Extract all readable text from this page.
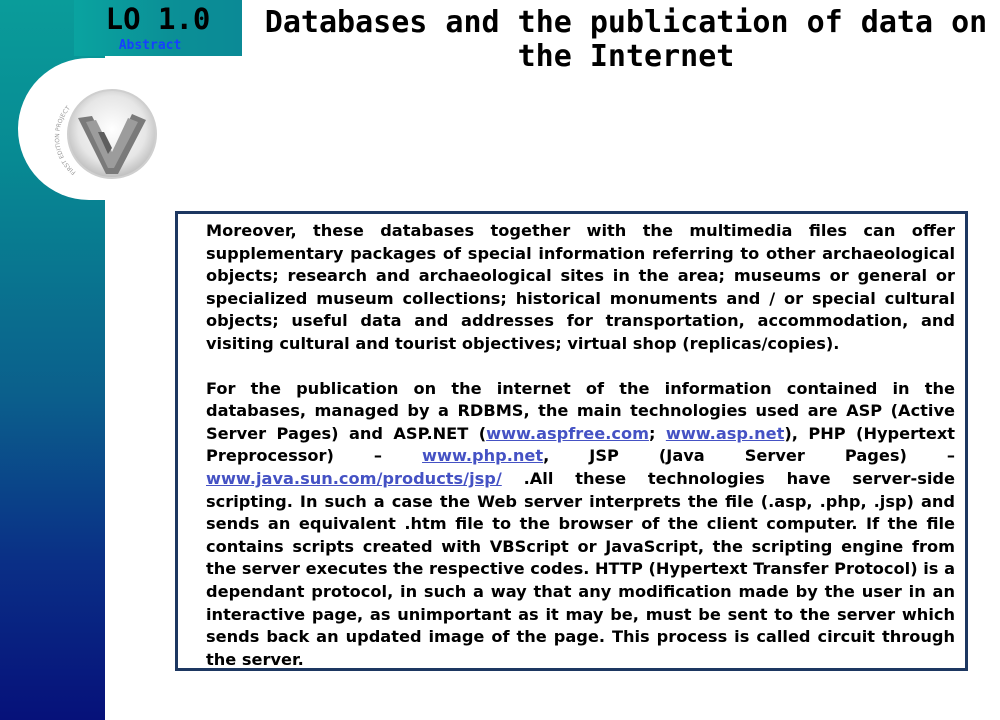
LO 1.0
Abstract
FIRST EDITION PROJECT
Databases and the publication of data on the Internet

Moreover, these databases together with the multimedia files can offer supplementary packages of special information referring to other archaeological objects; research and archaeological sites in the area; museums or general or specialized museum collections; historical monuments and / or special cultural objects; useful data and addresses for transportation, accommodation, and visiting cultural and tourist objectives; virtual shop (replicas/copies).

For the publication on the internet of the information contained in the databases, managed by a RDBMS, the main technologies used are ASP (Active Server Pages) and ASP.NET (www.aspfree.com; www.asp.net), PHP (Hypertext Preprocessor) – www.php.net, JSP (Java Server Pages) – www.java.sun.com/products/jsp/ .All these technologies have server-side scripting. In such a case the Web server interprets the file (.asp, .php, .jsp) and sends an equivalent .htm file to the browser of the client computer. If the file contains scripts created with VBScript or JavaScript, the scripting engine from the server executes the respective codes. HTTP (Hypertext Transfer Protocol) is a dependant protocol, in such a way that any modification made by the user in an interactive page, as unimportant as it may be, must be sent to the server which sends back an updated image of the page. This process is called circuit through the server.
